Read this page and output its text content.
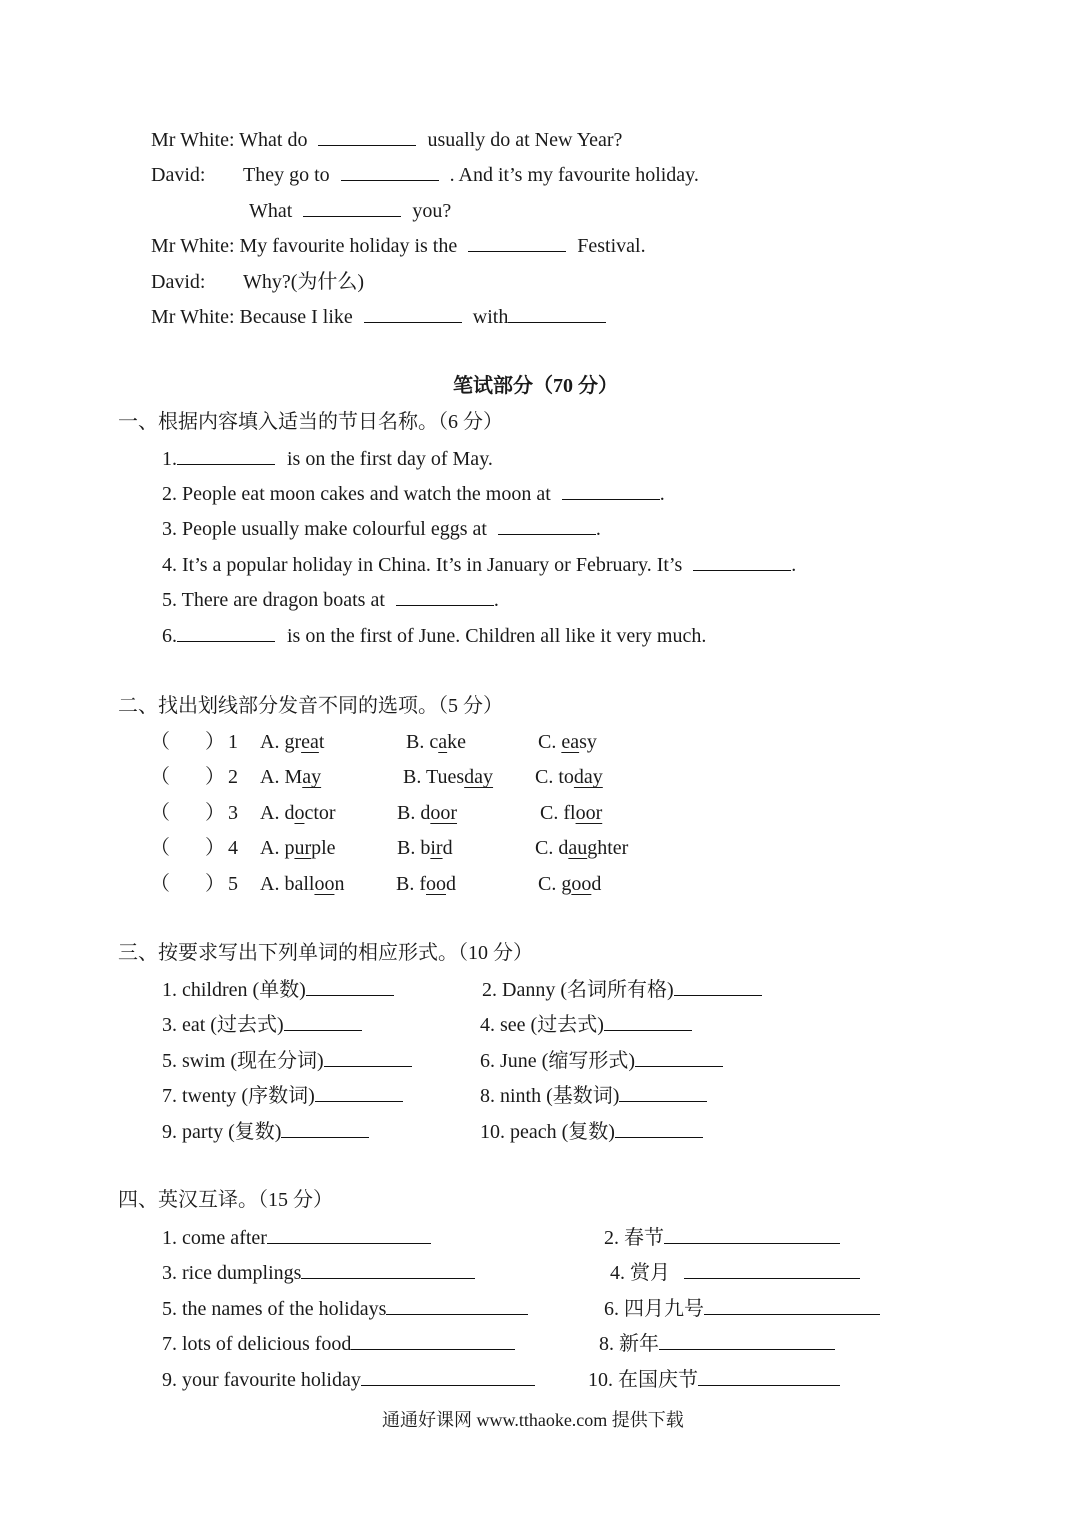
Mr White: What do	usually do at New Year?
David: They go to	. And it’s my favourite holiday.
What	you?
Mr White: My favourite holiday is the	Festival.
David: Why?(为什么)
Mr White: Because I like	with
笔试部分（70 分）
一、根据内容填入适当的节日名称。（6 分）
1.	is on the first day of May.
2. People eat moon cakes and watch the moon at	.
3. People usually make colourful eggs at	.
4. It’s a popular holiday in China. It’s in January or February. It’s	.
5. There are dragon boats at	.
6.	is on the first of June. Children all like it very much.
二、找出划线部分发音不同的选项。（5 分）
（ ） 1 A. great	B. cake	C. easy
（ ） 2 A. May	B. Tuesday C. today
（ ） 3 A. doctor	B. door	C. floor
（ ） 4 A. purple	B. bird	C. daughter
（ ） 5 A. balloon	B. food	C. good
三、按要求写出下列单词的相应形式。（10 分）
1. children (单数)	2. Danny (名词所有格)
3. eat (过去式)	4. see (过去式)
5. swim (现在分词)	6. June (缩写形式)
7. twenty (序数词)	8. ninth (基数词)
9. party (复数)	10. peach (复数)
四、英汉互译。（15 分）
1. come after	2. 春节
3. rice dumplings	4. 赏月
5. the names of the holidays	6. 四月九号
7. lots of delicious food	8. 新年
9. your favourite holiday	10. 在国庆节
通通好课网 www.tthaoke.com 提供下载
